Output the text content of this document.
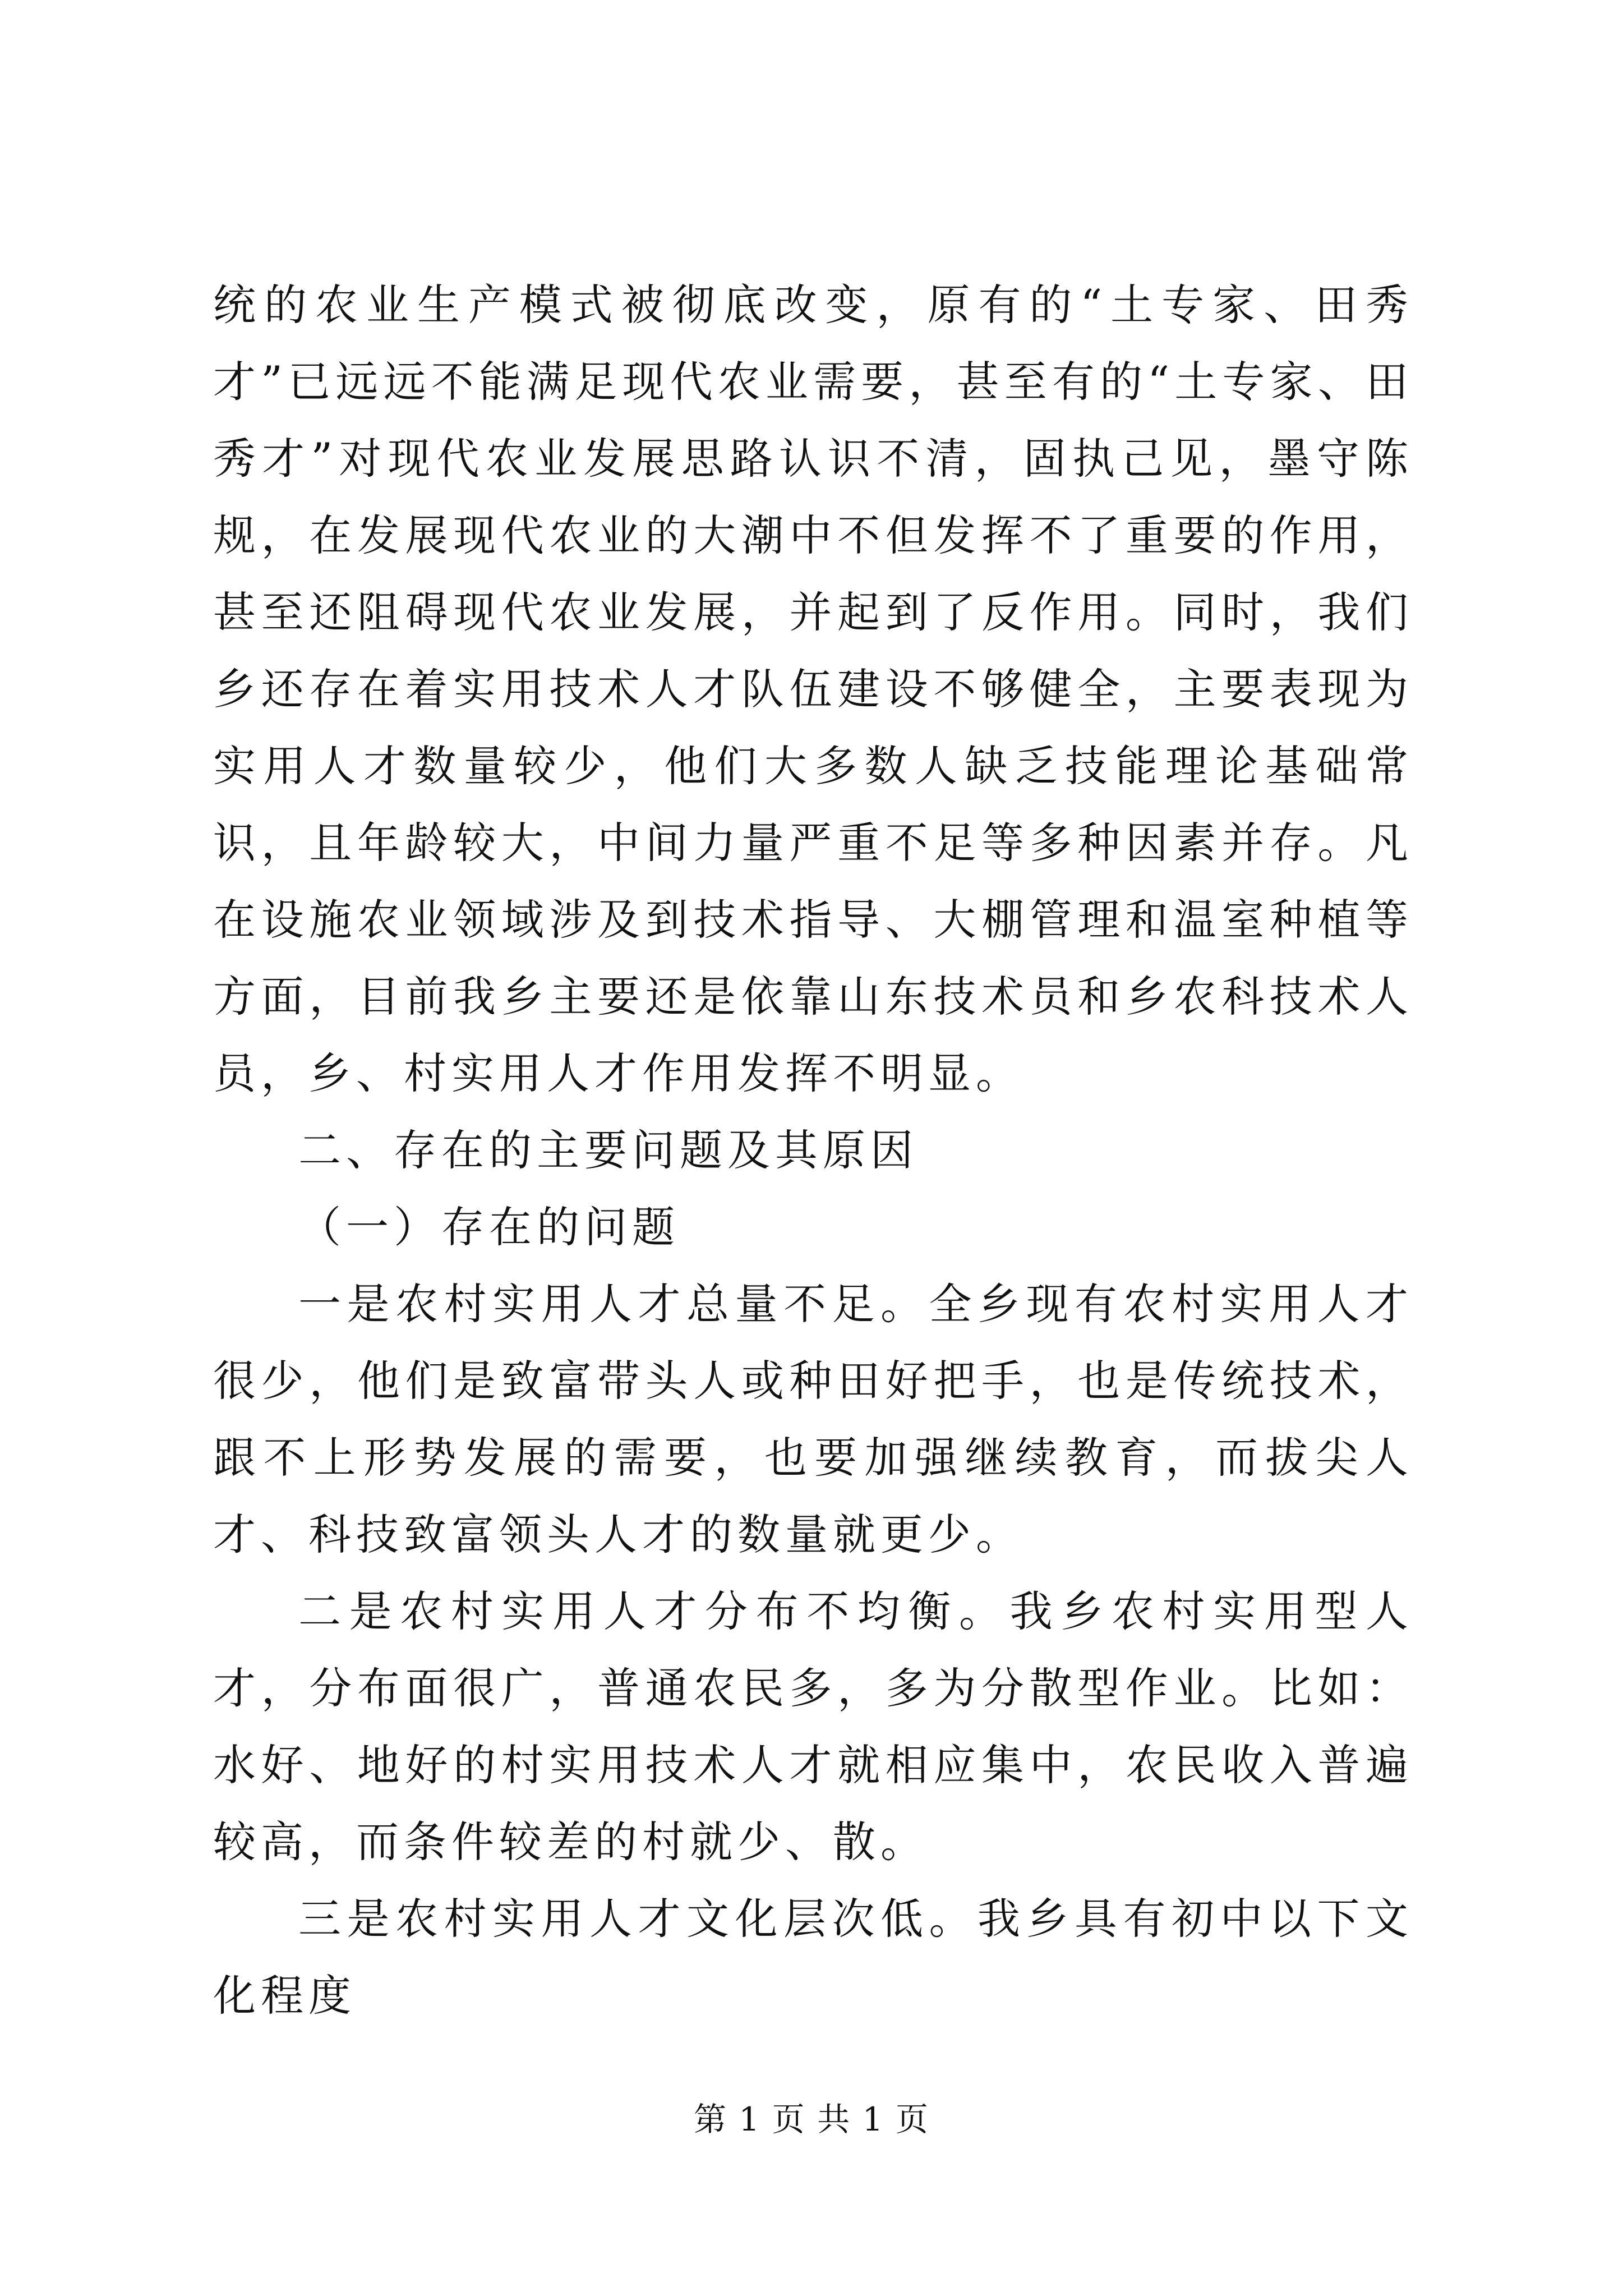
统的农业生产模式被彻底改变，原有的“土专家、田秀才”已远远不能满足现代农业需要，甚至有的“土专家、田秀才”对现代农业发展思路认识不清，固执己见，墨守陈规，在发展现代农业的大潮中不但发挥不了重要的作用，甚至还阻碍现代农业发展，并起到了反作用。同时，我们乡还存在着实用技术人才队伍建设不够健全，主要表现为实用人才数量较少，他们大多数人缺乏技能理论基础常识，且年龄较大，中间力量严重不足等多种因素并存。凡在设施农业领域涉及到技术指导、大棚管理和温室种植等方面，目前我乡主要还是依靠山东技术员和乡农科技术人员，乡、村实用人才作用发挥不明显。

二、存在的主要问题及其原因

（一）存在的问题

一是农村实用人才总量不足。全乡现有农村实用人才很少，他们是致富带头人或种田好把手，也是传统技术，跟不上形势发展的需要，也要加强继续教育，而拔尖人才、科技致富领头人才的数量就更少。

二是农村实用人才分布不均衡。我乡农村实用型人才，分布面很广，普通农民多，多为分散型作业。比如：水好、地好的村实用技术人才就相应集中，农民收入普遍较高，而条件较差的村就少、散。

三是农村实用人才文化层次低。我乡具有初中以下文化程度

第 1 页 共 1 页
